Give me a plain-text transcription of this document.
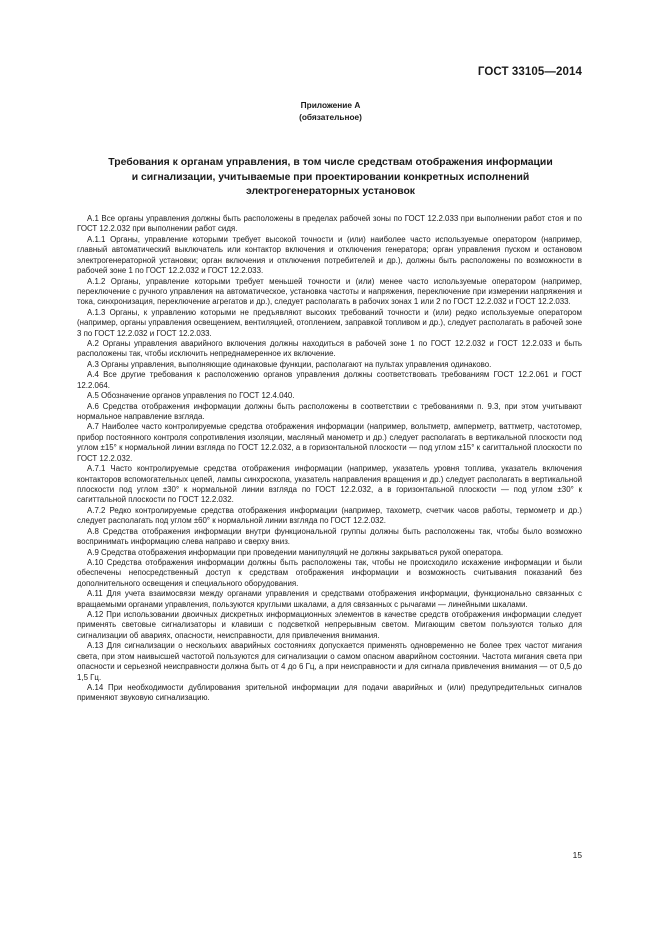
ГОСТ 33105—2014
Приложение А
(обязательное)
Требования к органам управления, в том числе средствам отображения информации
и сигнализации, учитываемые при проектировании конкретных исполнений
электрогенераторных установок

А.1 Все органы управления должны быть расположены в пределах рабочей зоны по ГОСТ 12.2.033 при выполнении работ стоя и по ГОСТ 12.2.032 при выполнении работ сидя.

А.1.1 Органы, управление которыми требует высокой точности и (или) наиболее часто используемые оператором (например, главный автоматический выключатель или контактор включения и отключения генератора; орган управления пуском и остановом электрогенераторной установки; орган включения и отключения потребителей и др.), должны быть расположены по возможности в рабочей зоне 1 по ГОСТ 12.2.032 и ГОСТ 12.2.033.

А.1.2 Органы, управление которыми требует меньшей точности и (или) менее часто используемые оператором (например, переключение с ручного управления на автоматическое, установка частоты и напряжения, переключение при измерении напряжения и тока, синхронизация, переключение агрегатов и др.), следует располагать в рабочих зонах 1 или 2 по ГОСТ 12.2.032 и ГОСТ 12.2.033.

А.1.3 Органы, к управлению которыми не предъявляют высоких требований точности и (или) редко используемые оператором (например, органы управления освещением, вентиляцией, отоплением, заправкой топливом и др.), следует располагать в рабочей зоне 3 по ГОСТ 12.2.032 и ГОСТ 12.2.033.

А.2 Органы управления аварийного включения должны находиться в рабочей зоне 1 по ГОСТ 12.2.032 и ГОСТ 12.2.033 и быть расположены так, чтобы исключить непреднамеренное их включение.

А.3 Органы управления, выполняющие одинаковые функции, располагают на пультах управления одинаково.

А.4 Все другие требования к расположению органов управления должны соответствовать требованиям ГОСТ 12.2.061 и ГОСТ 12.2.064.

А.5 Обозначение органов управления по ГОСТ 12.4.040.

А.6 Средства отображения информации должны быть расположены в соответствии с требованиями п. 9.3, при этом учитывают нормальное направление взгляда.

А.7 Наиболее часто контролируемые средства отображения информации (например, вольтметр, амперметр, ваттметр, частотомер, прибор постоянного контроля сопротивления изоляции, масляный манометр и др.) следует располагать в вертикальной плоскости под углом ±15° к нормальной линии взгляда по ГОСТ 12.2.032, а в горизонтальной плоскости — под углом ±15° к сагиттальной плоскости по ГОСТ 12.2.032.

А.7.1 Часто контролируемые средства отображения информации (например, указатель уровня топлива, указатель включения контакторов вспомогательных цепей, лампы синхроскопа, указатель направления вращения и др.) следует располагать в вертикальной плоскости под углом ±30° к нормальной линии взгляда по ГОСТ 12.2.032, а в горизонтальной плоскости — под углом ±30° к сагиттальной плоскости по ГОСТ 12.2.032.

А.7.2 Редко контролируемые средства отображения информации (например, тахометр, счетчик часов работы, термометр и др.) следует располагать под углом ±60° к нормальной линии взгляда по ГОСТ 12.2.032.

А.8 Средства отображения информации внутри функциональной группы должны быть расположены так, чтобы было возможно воспринимать информацию слева направо и сверху вниз.

А.9 Средства отображения информации при проведении манипуляций не должны закрываться рукой оператора.

А.10 Средства отображения информации должны быть расположены так, чтобы не происходило искажение информации и были обеспечены непосредственный доступ к средствам отображения информации и возможность считывания показаний без дополнительного освещения и специального оборудования.

А.11 Для учета взаимосвязи между органами управления и средствами отображения информации, функционально связанных с вращаемыми органами управления, пользуются круглыми шкалами, а для связанных с рычагами — линейными шкалами.

А.12 При использовании двоичных дискретных информационных элементов в качестве средств отображения информации следует применять световые сигнализаторы и клавиши с подсветкой непрерывным светом. Мигающим светом пользуются только для сигнализации об авариях, опасности, неисправности, для привлечения внимания.

А.13 Для сигнализации о нескольких аварийных состояниях допускается применять одновременно не более трех частот мигания света, при этом наивысшей частотой пользуются для сигнализации о самом опасном аварийном состоянии. Частота мигания света при опасности и серьезной неисправности должна быть от 4 до 6 Гц, а при неисправности и для сигнала привлечения внимания — от 0,5 до 1,5 Гц.

А.14 При необходимости дублирования зрительной информации для подачи аварийных и (или) предупредительных сигналов применяют звуковую сигнализацию.

15
